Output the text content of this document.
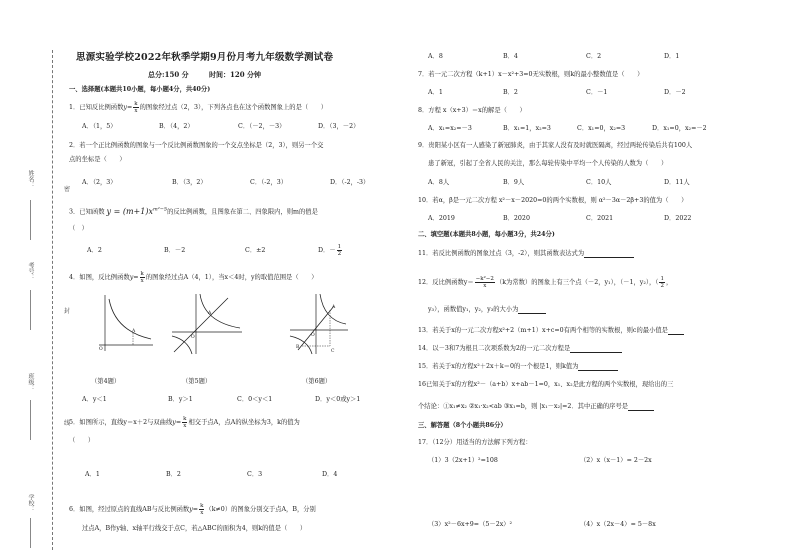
姓名：
考号：
班级：
学校：
密
封
线
思源实验学校2022年秋季学期9月份月考九年级数学测试卷
总分:150 分	时间：120 分钟
一、选择题(本题共10小题，每小题4分，共40分)
1．已知反比例函数$y= \frac{k}{x}$ 的图象经过点（2，3），下列各点也在这个函数图象上的是（　　）
A．（1，5）	B．（4，2）	C．（－2，－3）	D．（3，－2）
2．若一个正比例函数的图象与一个反比例函数图象的一个交点坐标是（2，3），则另一个交
点的坐标是（　　）
A．（2，3）	B．（3，2）	C．（-2，3）	D．（-2，-3）
3．已知函数 $y = (m+1)x^{m^2-5}$的反比例函数，且图象在第二、四象限内，则m的值是
（　）
A．2	B．－2	C．±2	D．－ $\frac{1}{2}$
4．如图，反比例函数$y= \frac{k}{x}$ 的图象经过点A（4，1），当x＜4时，y的取值范围是（　　）
A
O
A
O
A
B
C
O
（第4题）	（第5题）	（第6题）
A．y＜1	B．y＞1	C．0＜y＜1	D．y＜0或y＞1
5．如图所示，直线y＝x＋2与双曲线$y= \frac{k}{x}$ 相交于点A，点A的纵坐标为3，k的值为
（　　）
A．1	B．2	C．3	D．4
6．如图，经过原点的直线AB与反比例函数$y= \frac{k}{x} (k\ne 0)$的图象分别交于点A，B，分别
过点A，B作y轴、x轴平行线交于点C，若△ABC的面积为4，则k的值是（　　）
A．8	B．4	C．2	D．1
7．若一元二次方程（k+1）x－x²+3=0无实数根，则k的最小整数值是（　　）
A．1	B．2	C．－1	D．－2
8．方程 x（x+3）＝x的解是（　　）
A．x₁=x₂=－3	B．x₁=1，x₂=3	C．x₁=0，x₂=3	D．x₁=0，x₂=－2
9．贵阳某小区有一人感染了新冠肺炎，由于其家人没有及时就医隔离，经过两轮传染后共有100人
患了新冠，引起了全省人民的关注，那么每轮传染中平均一个人传染的人数为（　　）
A．8人	B．9人	C．10人	D．11人
10．若α，β是一元二次方程 x²－x－2020=0的两个实数根，则 α²－3α－2β+3的值为（　　）
A．2019	B．2020	C．2021	D．2022
二、填空题(本题共8小题，每小题3分，共24分)
11．若反比例函数的图象过点（3，-2），则其函数表达式为
12．反比例函数$y= \frac{\text{−k²−2}}{x} (k$为常数）的图象上有三个点（－2，y₁），（－1，y₂），（ $\frac{1}{2}$ ，
y₃），函数值y₁，y₂，y₃的大小为
13．若关于x的一元二次方程x²+2（m+1）x+c=0有两个相等的实数根，则c的最小值是
14．以－3和7为根且二次项系数为2的一元二次方程是
15．若关于x的方程x²＋2x＋k＝0的一个根是1，则k值为
16已知关于x的方程x²－（a+b）x+ab－1=0，x₁、x₂是此方程的两个实数根，现给出的三
个结论：①x₁≠x₂ ②x₁·x₂<ab ③x₁=b，则 |x₁－x₂|=2．其中正确的序号是
三、解答题（8个小题共86分）
17．（12分）用适当的方法解下列方程：
（1）3（2x+1）²=108	（2）x（x－1）= 2－2x
（3）x²－6x+9=（5－2x）²	（4）x（2x－4）= 5－8x
